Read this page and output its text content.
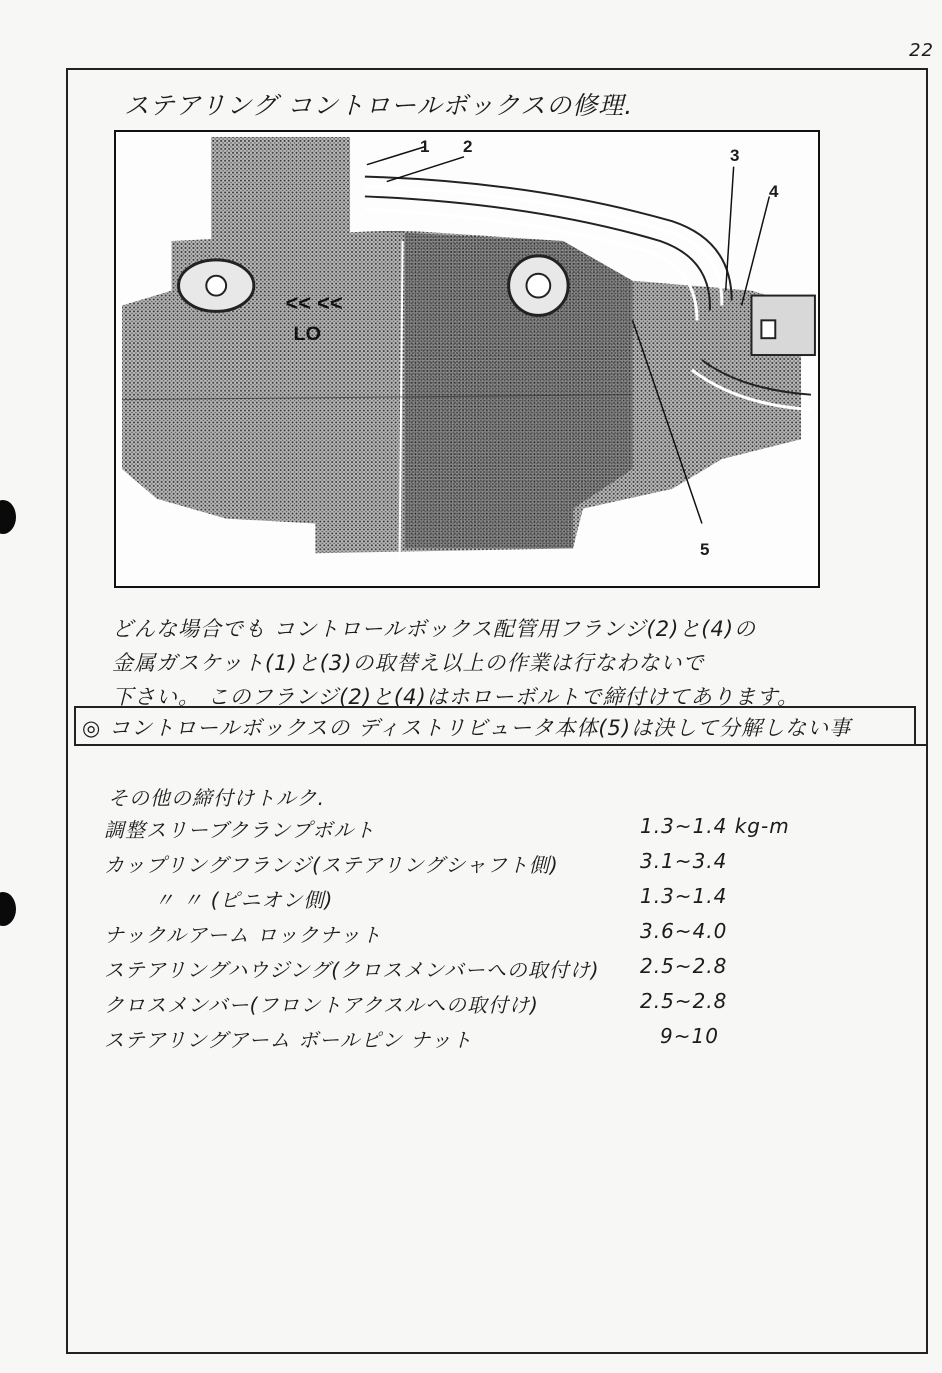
22
ステアリング コントロールボックスの修理.
<< <<
LO
1 2	3
4
5
どんな場合でも コントロールボックス配管用フランジ(2)と(4)の
金属ガスケット(1)と(3)の取替え以上の作業は行なわないで
下さい。 このフランジ(2)と(4)はホローボルトで締付けてあります。
◎ コントロールボックスの ディストリビュータ本体(5)は決して分解しない事
その他の締付けトルク.
調整スリーブクランプボルト	1.3~1.4 kg-m
カップリングフランジ(ステアリングシャフト側)	3.1~3.4
〃 〃 (ピニオン側)	1.3~1.4
ナックルアーム ロックナット	3.6~4.0
ステアリングハウジング(クロスメンバーへの取付け) 2.5~2.8
クロスメンバー(フロントアクスルへの取付け)	2.5~2.8
ステアリングアーム ボールピン ナット	9~10
